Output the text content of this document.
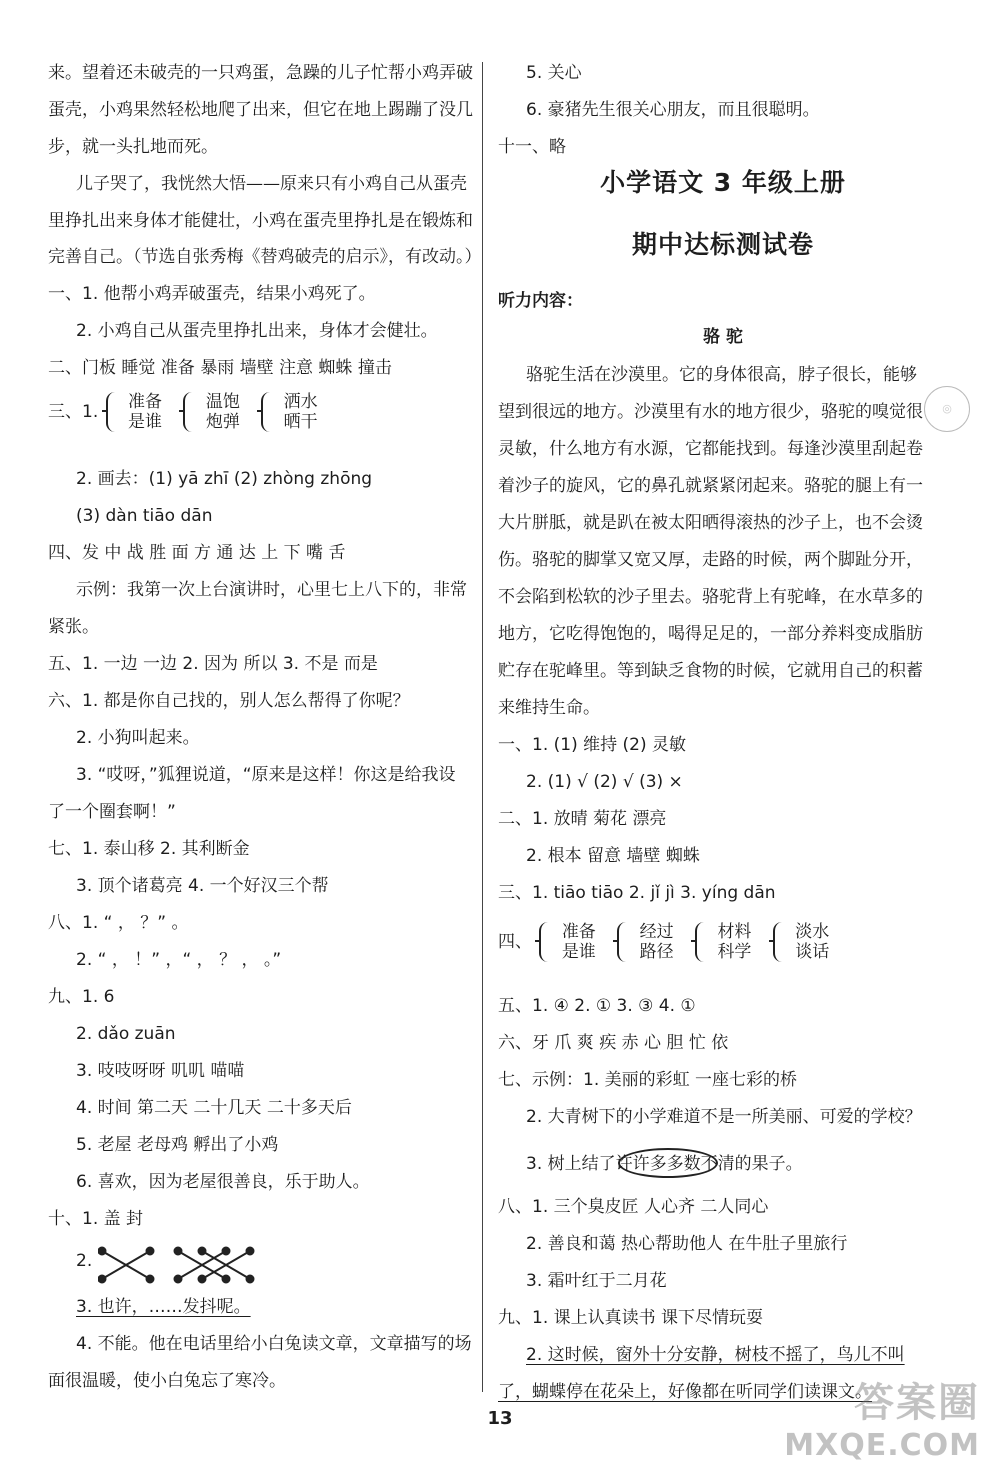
来。望着还未破壳的一只鸡蛋，急躁的儿子忙帮小鸡弄破
蛋壳，小鸡果然轻松地爬了出来，但它在地上踢蹦了没几
步，就一头扎地而死。
儿子哭了，我恍然大悟——原来只有小鸡自己从蛋壳
里挣扎出来身体才能健壮，小鸡在蛋壳里挣扎是在锻炼和
完善自己。（节选自张秀梅《替鸡破壳的启示》，有改动。）
一、1. 他帮小鸡弄破蛋壳，结果小鸡死了。
2. 小鸡自己从蛋壳里挣扎出来，身体才会健壮。
二、门板 睡觉 准备 暴雨 墙壁 注意 蜘蛛 撞击
三、1. 准备
是谁

温饱
炮弹

洒水
晒干
2. 画去：(1) yā zhī (2) zhòng zhōng
(3) dàn tiāo dān
四、发 中 战 胜 面 方 通 达 上 下 嘴 舌
示例：我第一次上台演讲时，心里七上八下的，非常
紧张。
五、1. 一边 一边 2. 因为 所以 3. 不是 而是
六、1. 都是你自己找的，别人怎么帮得了你呢？
2. 小狗叫起来。
3. “哎呀，”狐狸说道，“原来是这样！你这是给我设
了一个圈套啊！”
七、1. 泰山移 2. 其利断金
3. 顶个诸葛亮 4. 一个好汉三个帮
八、1. “ ， ？” 。
2. “ ， ！” ，“ ， ？ ， 。”
九、1. 6
2. dǎo zuān
3. 吱吱呀呀 叽叽 喵喵
4. 时间 第二天 二十几天 二十多天后
5. 老屋 老母鸡 孵出了小鸡
6. 喜欢，因为老屋很善良，乐于助人。
十、1. 盖 封
2.
3. 也许，……发抖呢。
4. 不能。他在电话里给小白兔读文章，文章描写的场
面很温暖，使小白兔忘了寒冷。
5. 关心
6. 豪猪先生很关心朋友，而且很聪明。
十一、略
小学语文 3 年级上册
期中达标测试卷
听力内容：
骆 驼
骆驼生活在沙漠里。它的身体很高，脖子很长，能够
望到很远的地方。沙漠里有水的地方很少，骆驼的嗅觉很
灵敏，什么地方有水源，它都能找到。每逢沙漠里刮起卷
着沙子的旋风，它的鼻孔就紧紧闭起来。骆驼的腿上有一
大片胼胝，就是趴在被太阳晒得滚热的沙子上，也不会烫
伤。骆驼的脚掌又宽又厚，走路的时候，两个脚趾分开，
不会陷到松软的沙子里去。骆驼背上有驼峰，在水草多的
地方，它吃得饱饱的，喝得足足的，一部分养料变成脂肪
贮存在驼峰里。等到缺乏食物的时候，它就用自己的积蓄
来维持生命。
一、1. (1) 维持 (2) 灵敏
2. (1) √ (2) √ (3) ×
二、1. 放晴 菊花 漂亮
2. 根本 留意 墙壁 蜘蛛
三、1. tiāo tiāo 2. jǐ jì 3. yíng dān
四、 准备
是谁

经过
路径

材料
科学

淡水
谈话
五、1. ④ 2. ① 3. ③ 4. ①
六、牙 爪 爽 疾 赤 心 胆 忙 依
七、示例：1. 美丽的彩虹 一座七彩的桥
2. 大青树下的小学难道不是一所美丽、可爱的学校？
3. 树上结了许许多多数不清的果子。
八、1. 三个臭皮匠 人心齐 二人同心
2. 善良和蔼 热心帮助他人 在牛肚子里旅行
3. 霜叶红于二月花
九、1. 课上认真读书 课下尽情玩耍
2. 这时候，窗外十分安静，树枝不摇了，鸟儿不叫
了，蝴蝶停在花朵上，好像都在听同学们读课文。
◎
13	答案圈
MXQE.COM
